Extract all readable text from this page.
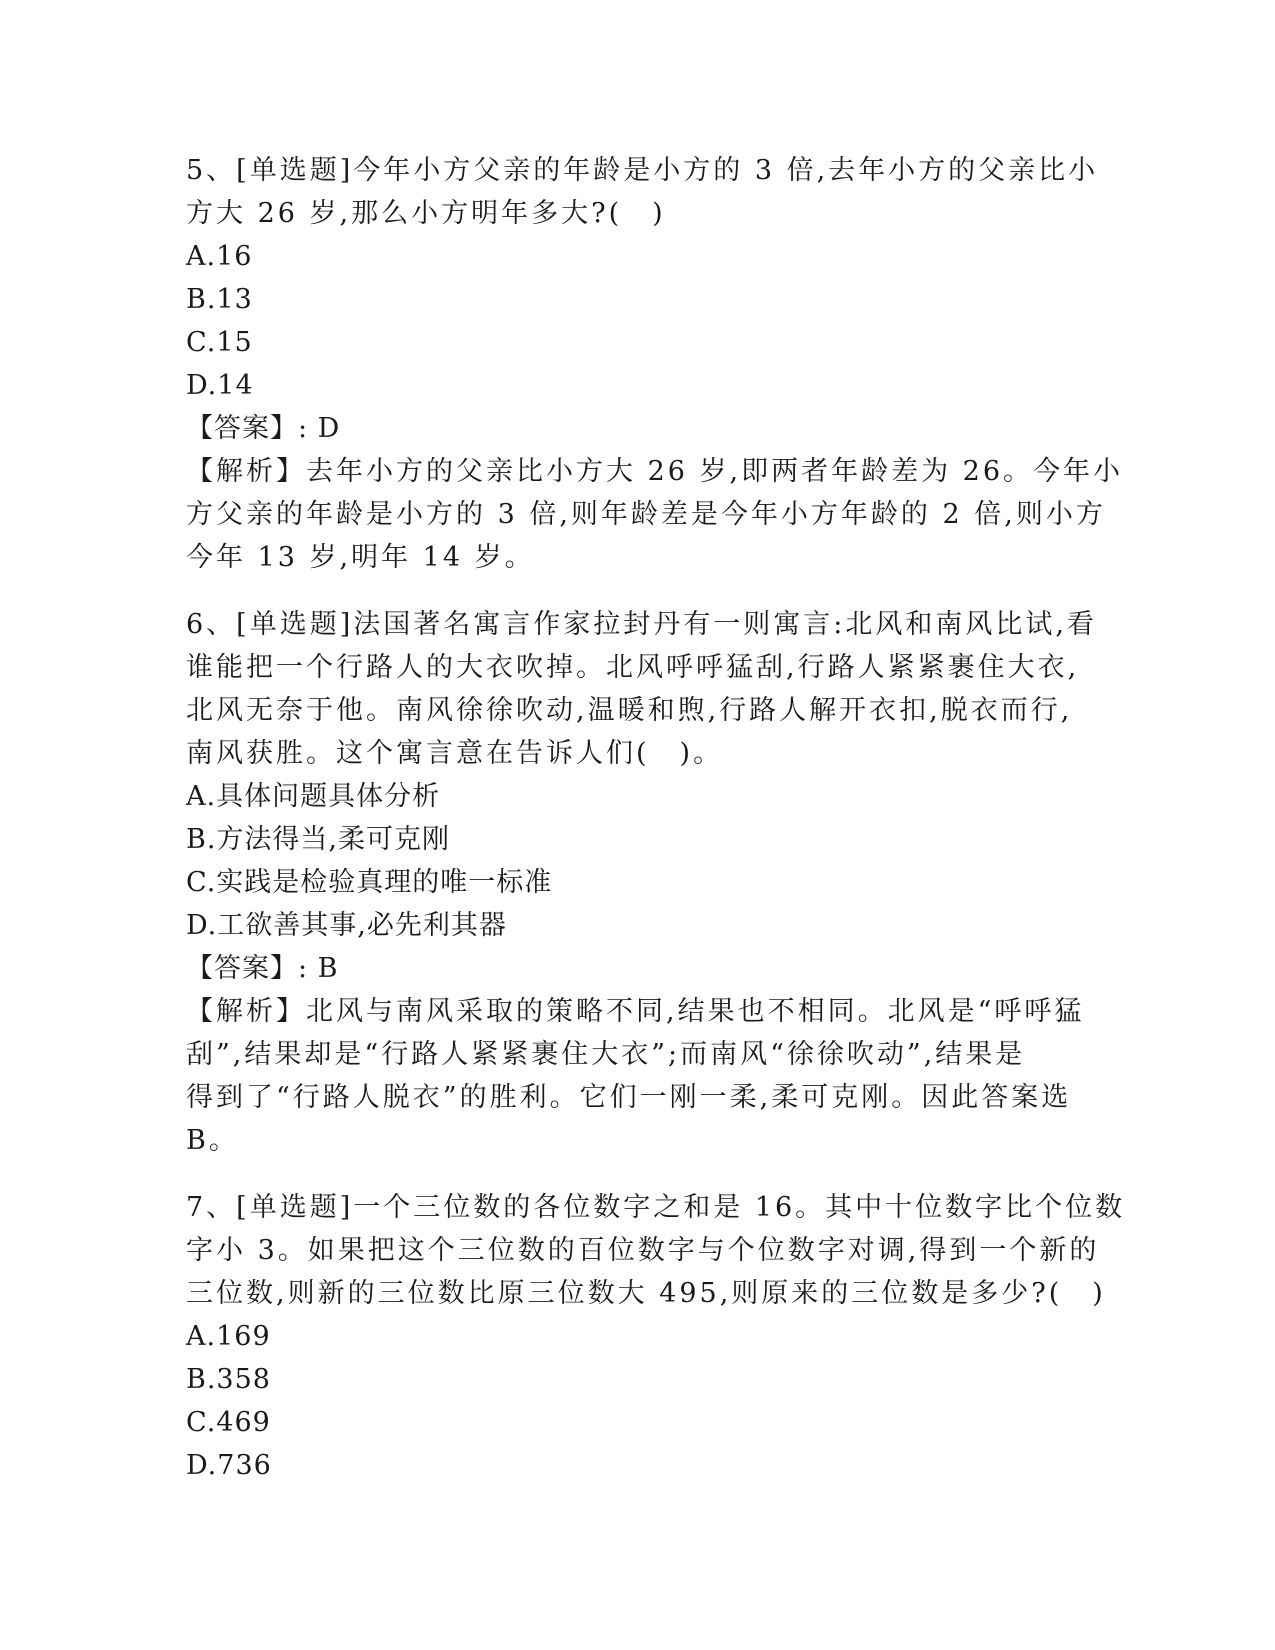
5、[单选题]今年小方父亲的年龄是小方的 3 倍,去年小方的父亲比小
方大 26 岁,那么小方明年多大?(　)
A.16
B.13
C.15
D.14
【答案】: D
【解析】去年小方的父亲比小方大 26 岁,即两者年龄差为 26。今年小
方父亲的年龄是小方的 3 倍,则年龄差是今年小方年龄的 2 倍,则小方
今年 13 岁,明年 14 岁。
6、[单选题]法国著名寓言作家拉封丹有一则寓言:北风和南风比试,看
谁能把一个行路人的大衣吹掉。北风呼呼猛刮,行路人紧紧裹住大衣,
北风无奈于他。南风徐徐吹动,温暖和煦,行路人解开衣扣,脱衣而行,
南风获胜。这个寓言意在告诉人们(　)。
A.具体问题具体分析
B.方法得当,柔可克刚
C.实践是检验真理的唯一标准
D.工欲善其事,必先利其器
【答案】: B
【解析】北风与南风采取的策略不同,结果也不相同。北风是“呼呼猛
刮”,结果却是“行路人紧紧裹住大衣”;而南风“徐徐吹动”,结果是
得到了“行路人脱衣”的胜利。它们一刚一柔,柔可克刚。因此答案选
B。
7、[单选题]一个三位数的各位数字之和是 16。其中十位数字比个位数
字小 3。如果把这个三位数的百位数字与个位数字对调,得到一个新的
三位数,则新的三位数比原三位数大 495,则原来的三位数是多少?(　)
A.169
B.358
C.469
D.736
